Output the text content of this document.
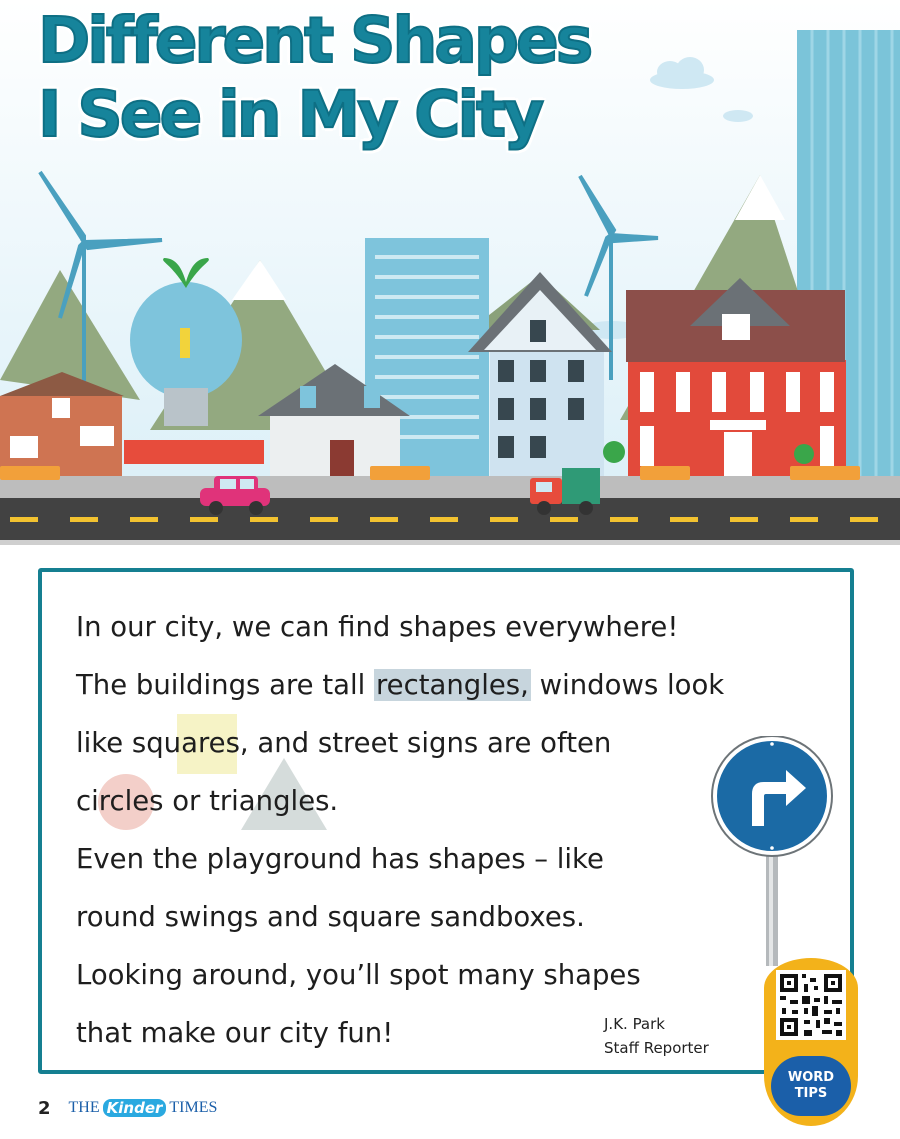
Different Shapes
I See in My City
In our city, we can find shapes everywhere!
The buildings are tall rectangles, windows look
like squares, and street signs are often
circles or triangles.
Even the playground has shapes – like
round swings and square sandboxes.
Looking around, you’ll spot many shapes
that make our city fun!	J.K. Park
Staff Reporter
WORD
TIPS
2 THE Kinder TIMES
